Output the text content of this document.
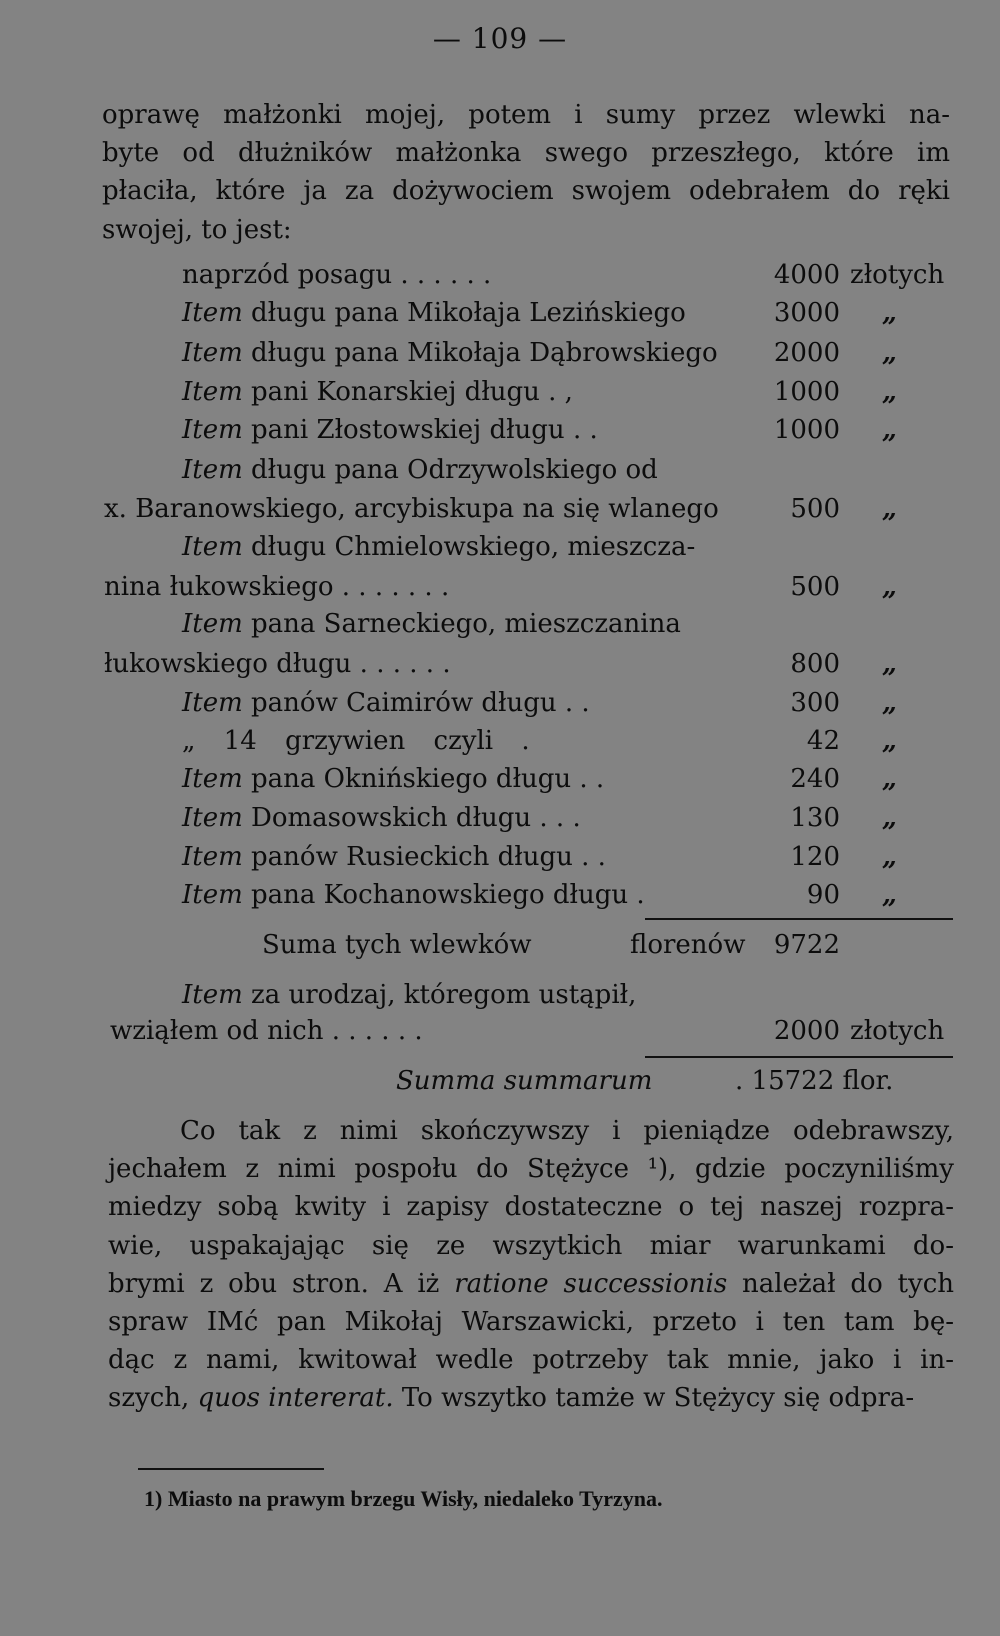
— 109 —
oprawę małżonki mojej, potem i sumy przez wlewki na-
byte od dłużników małżonka swego przeszłego, które im
płaciła, które ja za dożywociem swojem odebrałem do ręki
swojej, to jest:
naprzód posagu . . . . . .	4000 złotych
Item długu pana Mikołaja Lezińskiego	3000 „
Item długu pana Mikołaja Dąbrowskiego	2000 „
Item pani Konarskiej długu . ,	1000 „
Item pani Złostowskiej długu . .	1000 „
Item długu pana Odrzywolskiego od
x. Baranowskiego, arcybiskupa na się wlanego	500 „
Item długu Chmielowskiego, mieszcza-
nina łukowskiego . . . . . . .	500 „
Item pana Sarneckiego, mieszczanina
łukowskiego długu . . . . . .	800 „
Item panów Caimirów długu . .	300 „
„ 14 grzywien czyli .	42 „
Item pana Oknińskiego długu . .	240 „
Item Domasowskich długu . . .	130 „
Item panów Rusieckich długu . .	120 „
Item pana Kochanowskiego długu .	90 „
Suma tych wlewków	florenów 9722
Item za urodzaj, któregom ustąpił,
wziąłem od nich . . . . . .	2000 złotych
Summa summarum	. 15722 flor.
Co tak z nimi skończywszy i pieniądze odebrawszy,
jechałem z nimi pospołu do Stężyce ¹), gdzie poczyniliśmy
miedzy sobą kwity i zapisy dostateczne o tej naszej rozpra-
wie, uspakajając się ze wszytkich miar warunkami do-
brymi z obu stron. A iż ratione successionis należał do tych
spraw IMć pan Mikołaj Warszawicki, przeto i ten tam bę-
dąc z nami, kwitował wedle potrzeby tak mnie, jako i in-
szych, quos intererat. To wszytko tamże w Stężycy się odpra-
1) Miasto na prawym brzegu Wisły, niedaleko Tyrzyna.
